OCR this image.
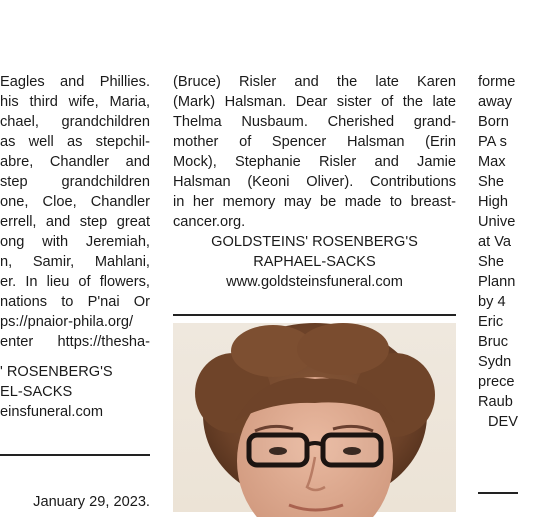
Eagles and Phillies.
his third wife, Maria,
chael, grandchildren
as well as stepchil-
abre, Chandler and
step grandchildren
one, Cloe, Chandler
errell, and step great
ong with Jeremiah,
n, Samir, Mahlani,
er. In lieu of flowers,
nations to P'nai Or
ps://pnaior-phila.org/
enter https://thesha-
' ROSENBERG'S
EL-SACKS
einsfuneral.com
January 29, 2023.
(Bruce) Risler and the late Karen
(Mark) Halsman. Dear sister of the late
Thelma Nusbaum. Cherished grand-
mother of Spencer Halsman (Erin
Mock), Stephanie Risler and Jamie
Halsman (Keoni Oliver). Contributions
in her memory may be made to breast-
cancer.org.
GOLDSTEINS' ROSENBERG'S
RAPHAEL-SACKS
www.goldsteinsfuneral.com
forme
away
Born
PA s
Max
She
High
Unive
at Va
She
Plann
by 4
Eric
Bruc
Sydn
prece
Raub
DEV
